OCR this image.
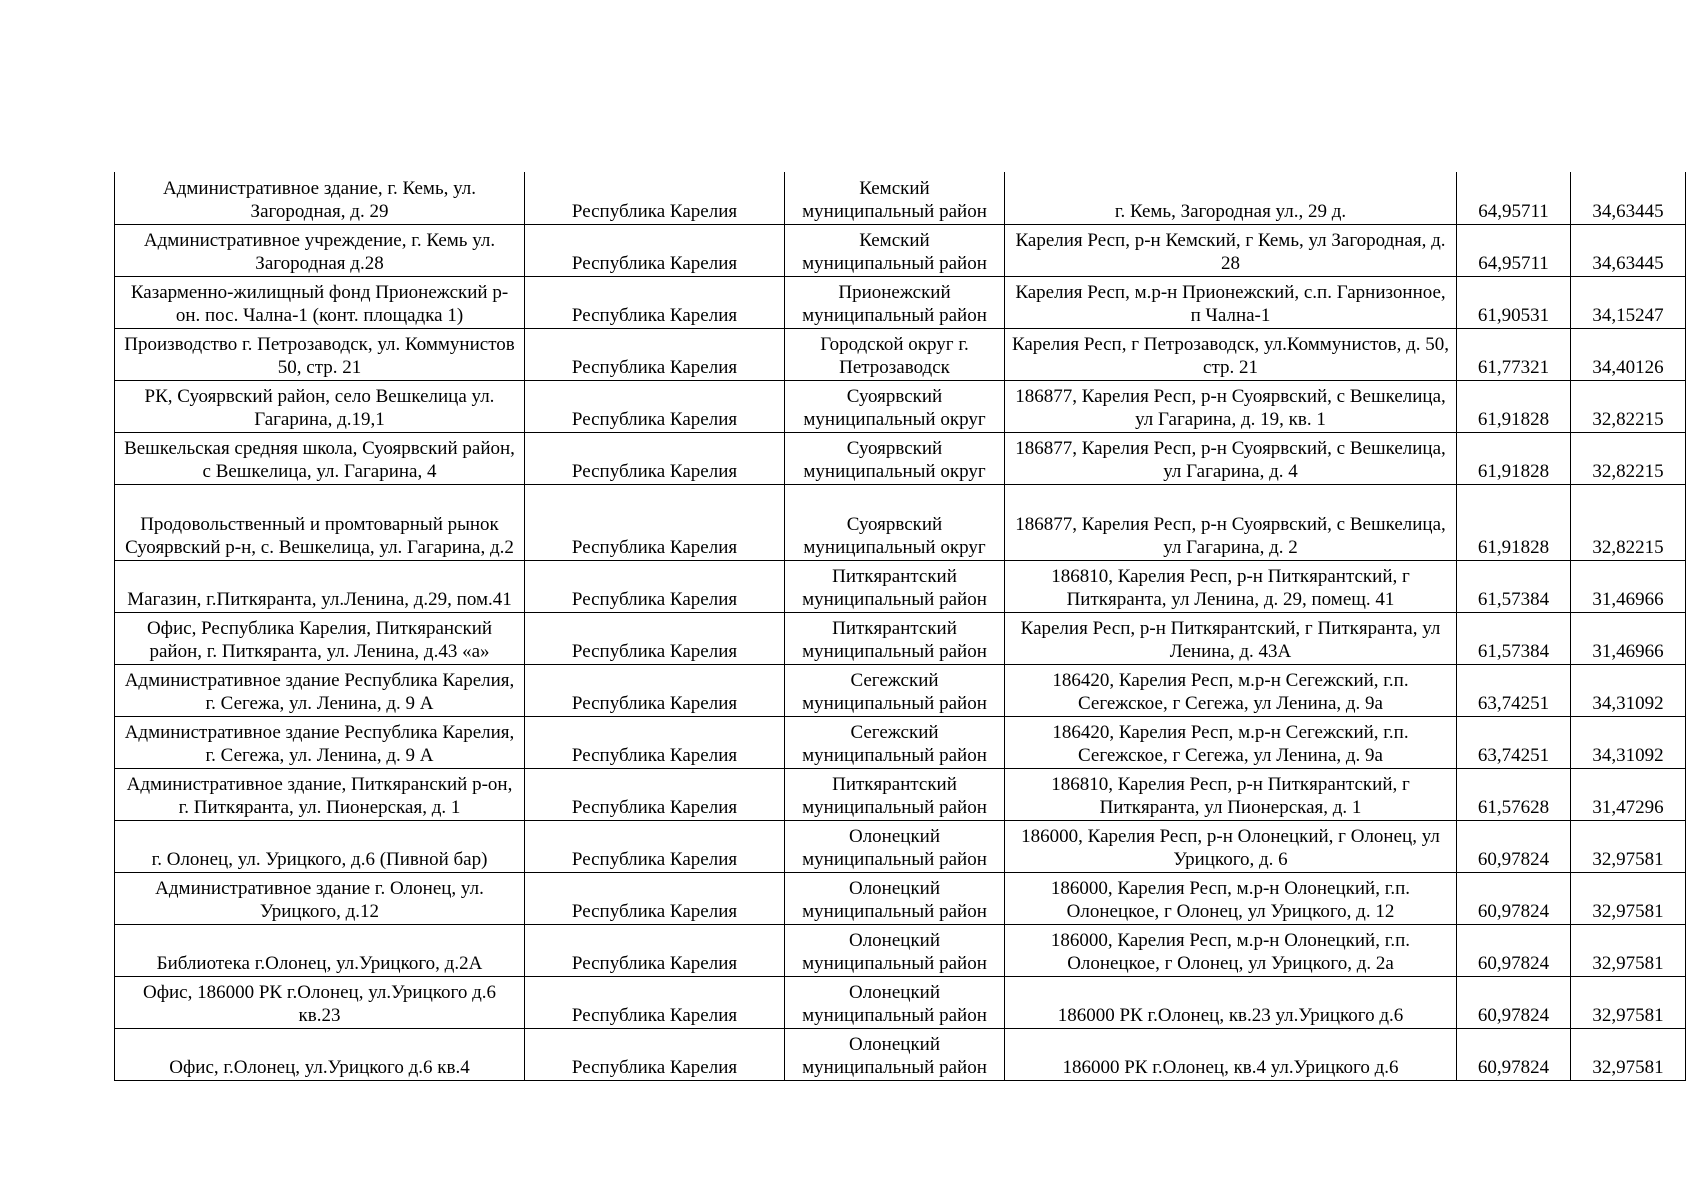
Административное здание, г. Кемь, ул. Загородная, д. 29	Республика Карелия	Кемский муниципальный район	г. Кемь, Загородная ул., 29 д.	64,95711	34,63445
Административное учреждение, г. Кемь ул. Загородная д.28	Республика Карелия	Кемский муниципальный район	Карелия Респ, р-н Кемский, г Кемь, ул Загородная, д. 28	64,95711	34,63445
Казарменно-жилищный фонд Прионежский р-он. пос. Чална-1 (конт. площадка 1)	Республика Карелия	Прионежский муниципальный район	Карелия Респ, м.р-н Прионежский, с.п. Гарнизонное, п Чална-1	61,90531	34,15247
Производство г. Петрозаводск, ул. Коммунистов 50, стр. 21	Республика Карелия	Городской округ г. Петрозаводск	Карелия Респ, г Петрозаводск, ул.Коммунистов, д. 50, стр. 21	61,77321	34,40126
РК, Суоярвский район, село Вешкелица ул. Гагарина, д.19,1	Республика Карелия	Суоярвский муниципальный округ	186877, Карелия Респ, р-н Суоярвский, с Вешкелица, ул Гагарина, д. 19, кв. 1	61,91828	32,82215
Вешкельская средняя школа, Суоярвский район, с Вешкелица, ул. Гагарина, 4	Республика Карелия	Суоярвский муниципальный округ	186877, Карелия Респ, р-н Суоярвский, с Вешкелица, ул Гагарина, д. 4	61,91828	32,82215
Продовольственный и промтоварный рынок Суоярвский р-н, с. Вешкелица, ул. Гагарина, д.2	Республика Карелия	Суоярвский муниципальный округ	186877, Карелия Респ, р-н Суоярвский, с Вешкелица, ул Гагарина, д. 2	61,91828	32,82215
Магазин, г.Питкяранта, ул.Ленина, д.29, пом.41	Республика Карелия	Питкярантский муниципальный район	186810, Карелия Респ, р-н Питкярантский, г Питкяранта, ул Ленина, д. 29, помещ. 41	61,57384	31,46966
Офис, Республика Карелия, Питкяранский район, г. Питкяранта, ул. Ленина, д.43 «а»	Республика Карелия	Питкярантский муниципальный район	Карелия Респ, р-н Питкярантский, г Питкяранта, ул Ленина, д. 43А	61,57384	31,46966
Административное здание Республика Карелия, г. Сегежа, ул. Ленина, д. 9 А	Республика Карелия	Сегежский муниципальный район	186420, Карелия Респ, м.р-н Сегежский, г.п. Сегежское, г Сегежа, ул Ленина, д. 9а	63,74251	34,31092
Административное здание Республика Карелия, г. Сегежа, ул. Ленина, д. 9 А	Республика Карелия	Сегежский муниципальный район	186420, Карелия Респ, м.р-н Сегежский, г.п. Сегежское, г Сегежа, ул Ленина, д. 9а	63,74251	34,31092
Административное здание, Питкяранский р-он, г. Питкяранта, ул. Пионерская, д. 1	Республика Карелия	Питкярантский муниципальный район	186810, Карелия Респ, р-н Питкярантский, г Питкяранта, ул Пионерская, д. 1	61,57628	31,47296
г. Олонец, ул. Урицкого, д.6 (Пивной бар)	Республика Карелия	Олонецкий муниципальный район	186000, Карелия Респ, р-н Олонецкий, г Олонец, ул Урицкого, д. 6	60,97824	32,97581
Административное здание г. Олонец, ул. Урицкого, д.12	Республика Карелия	Олонецкий муниципальный район	186000, Карелия Респ, м.р-н Олонецкий, г.п. Олонецкое, г Олонец, ул Урицкого, д. 12	60,97824	32,97581
Библиотека г.Олонец, ул.Урицкого, д.2А	Республика Карелия	Олонецкий муниципальный район	186000, Карелия Респ, м.р-н Олонецкий, г.п. Олонецкое, г Олонец, ул Урицкого, д. 2а	60,97824	32,97581
Офис, 186000 РК г.Олонец, ул.Урицкого д.6 кв.23	Республика Карелия	Олонецкий муниципальный район	186000 РК г.Олонец, кв.23 ул.Урицкого д.6	60,97824	32,97581
Офис, г.Олонец, ул.Урицкого д.6 кв.4	Республика Карелия	Олонецкий муниципальный район	186000 РК г.Олонец, кв.4 ул.Урицкого д.6	60,97824	32,97581
